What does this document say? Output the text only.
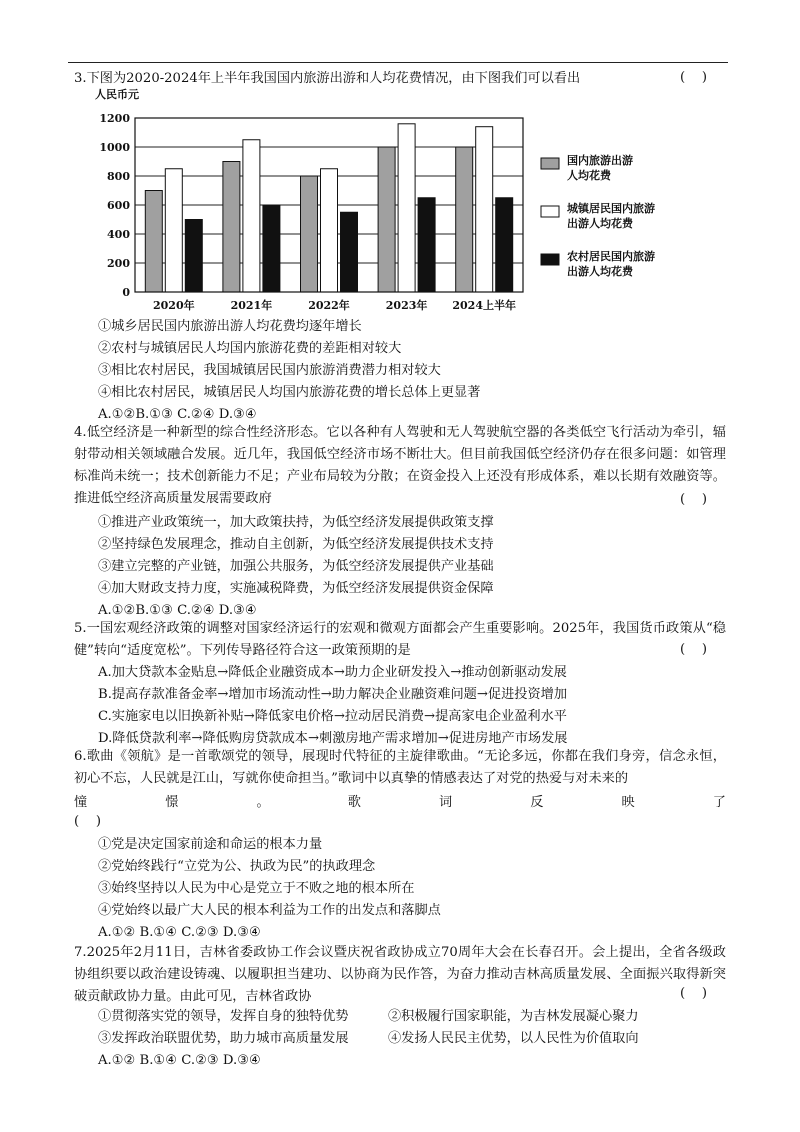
3.下图为2020-2024年上半年我国国内旅游出游和人均花费情况，由下图我们可以看出	(    )
人民币元
0
200
400
600
800
1000
1200
2020年	2021年	2022年	2023年 2024上半年
国内旅游出游
人均花费
城镇居民国内旅游
出游人均花费
农村居民国内旅游
出游人均花费
①城乡居民国内旅游出游人均花费均逐年增长
②农村与城镇居民人均国内旅游花费的差距相对较大
③相比农村居民，我国城镇居民国内旅游消费潜力相对较大
④相比农村居民，城镇居民人均国内旅游花费的增长总体上更显著
A.①②B.①③ C.②④ D.③④
4.低空经济是一种新型的综合性经济形态。它以各种有人驾驶和无人驾驶航空器的各类低空飞行活动为牵引，辐射带动相关领域融合发展。近几年，我国低空经济市场不断壮大。但目前我国低空经济仍存在很多问题：如管理标准尚未统一；技术创新能力不足；产业布局较为分散；在资金投入上还没有形成体系，难以长期有效融资等。推进低空经济高质量发展需要政府	(    )
①推进产业政策统一，加大政策扶持，为低空经济发展提供政策支撑
②坚持绿色发展理念，推动自主创新，为低空经济发展提供技术支持
③建立完整的产业链，加强公共服务，为低空经济发展提供产业基础
④加大财政支持力度，实施减税降费，为低空经济发展提供资金保障
A.①②B.①③ C.②④ D.③④
5.一国宏观经济政策的调整对国家经济运行的宏观和微观方面都会产生重要影响。2025年，我国货币政策从“稳健”转向“适度宽松”。下列传导路径符合这一政策预期的是	(    )
A.加大贷款本金贴息→降低企业融资成本→助力企业研发投入→推动创新驱动发展
B.提高存款准备金率→增加市场流动性→助力解决企业融资难问题→促进投资增加
C.实施家电以旧换新补贴→降低家电价格→拉动居民消费→提高家电企业盈利水平
D.降低贷款利率→降低购房贷款成本→刺激房地产需求增加→促进房地产市场发展
6.歌曲《领航》是一首歌颂党的领导，展现时代特征的主旋律歌曲。“无论多远，你都在我们身旁，信念永恒，初心不忘，人民就是江山，写就你使命担当。”歌词中以真挚的情感表达了对党的热爱与对未来的
憧	憬	。	歌	词	反	映	了
(    )
①党是决定国家前途和命运的根本力量
②党始终践行“立党为公、执政为民”的执政理念
③始终坚持以人民为中心是党立于不败之地的根本所在
④党始终以最广大人民的根本利益为工作的出发点和落脚点
A.①② B.①④ C.②③ D.③④
7.2025年2月11日，吉林省委政协工作会议暨庆祝省政协成立70周年大会在长春召开。会上提出，全省各级政协组织要以政治建设铸魂、以履职担当建功、以协商为民作答，为奋力推动吉林高质量发展、全面振兴取得新突破贡献政协力量。由此可见，吉林省政协	(    )
①贯彻落实党的领导，发挥自身的独特优势	②积极履行国家职能，为吉林发展凝心聚力
③发挥政治联盟优势，助力城市高质量发展	④发扬人民民主优势，以人民性为价值取向
A.①② B.①④ C.②③ D.③④
